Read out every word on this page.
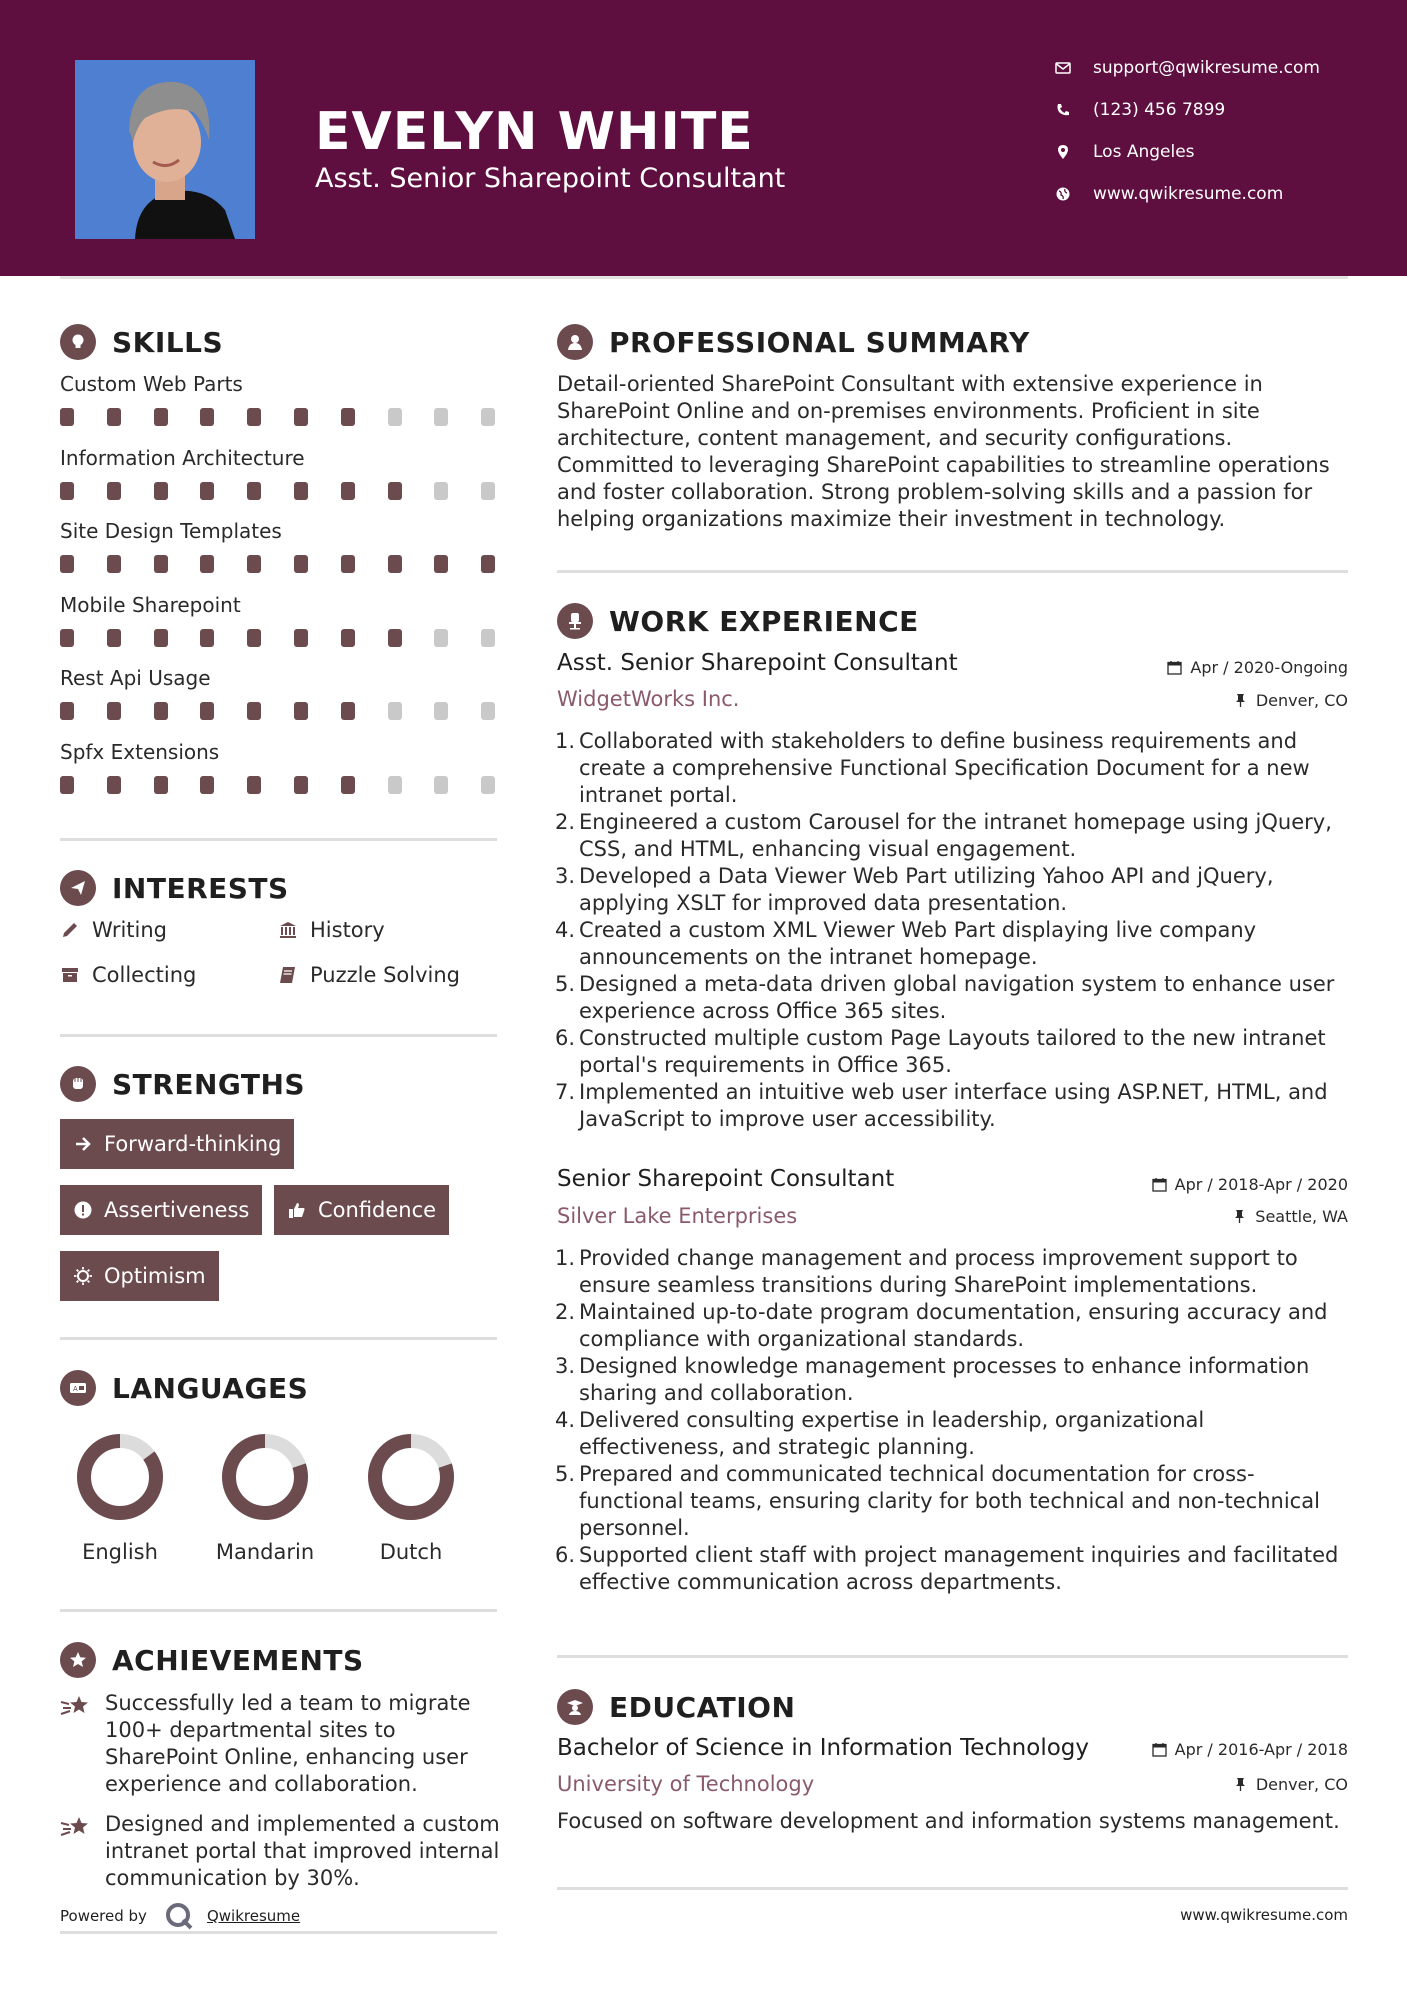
EVELYN WHITE
Asst. Senior Sharepoint Consultant
support@qwikresume.com
(123) 456 7899
Los Angeles
www.qwikresume.com
SKILLS
Custom Web Parts
Information Architecture
Site Design Templates
Mobile Sharepoint
Rest Api Usage
Spfx Extensions
INTERESTS
Writing	History
Collecting	Puzzle Solving
STRENGTHS
Forward-thinking
Assertiveness	Confidence
Optimism
A LANGUAGES
English	Mandarin	Dutch
ACHIEVEMENTS
Successfully led a team to migrate 100+ departmental sites to SharePoint Online, enhancing user experience and collaboration.
Designed and implemented a custom intranet portal that improved internal communication by 30%.
PROFESSIONAL SUMMARY
Detail-oriented SharePoint Consultant with extensive experience in SharePoint Online and on-premises environments. Proficient in site architecture, content management, and security configurations. Committed to leveraging SharePoint capabilities to streamline operations and foster collaboration. Strong problem-solving skills and a passion for helping organizations maximize their investment in technology.
WORK EXPERIENCE
Asst. Senior Sharepoint Consultant	Apr / 2020-Ongoing
WidgetWorks Inc.	Denver, CO
1. Collaborated with stakeholders to define business requirements and create a comprehensive Functional Specification Document for a new intranet portal.
2. Engineered a custom Carousel for the intranet homepage using jQuery, CSS, and HTML, enhancing visual engagement.
3. Developed a Data Viewer Web Part utilizing Yahoo API and jQuery, applying XSLT for improved data presentation.
4. Created a custom XML Viewer Web Part displaying live company announcements on the intranet homepage.
5. Designed a meta-data driven global navigation system to enhance user experience across Office 365 sites.
6. Constructed multiple custom Page Layouts tailored to the new intranet portal's requirements in Office 365.
7. Implemented an intuitive web user interface using ASP.NET, HTML, and JavaScript to improve user accessibility.
Senior Sharepoint Consultant	Apr / 2018-Apr / 2020
Silver Lake Enterprises	Seattle, WA
1. Provided change management and process improvement support to ensure seamless transitions during SharePoint implementations.
2. Maintained up-to-date program documentation, ensuring accuracy and compliance with organizational standards.
3. Designed knowledge management processes to enhance information sharing and collaboration.
4. Delivered consulting expertise in leadership, organizational effectiveness, and strategic planning.
5. Prepared and communicated technical documentation for cross-functional teams, ensuring clarity for both technical and non-technical personnel.
6. Supported client staff with project management inquiries and facilitated effective communication across departments.
EDUCATION
Bachelor of Science in Information Technology	Apr / 2016-Apr / 2018
University of Technology	Denver, CO
Focused on software development and information systems management.
Powered by	Qwikresume	www.qwikresume.com
